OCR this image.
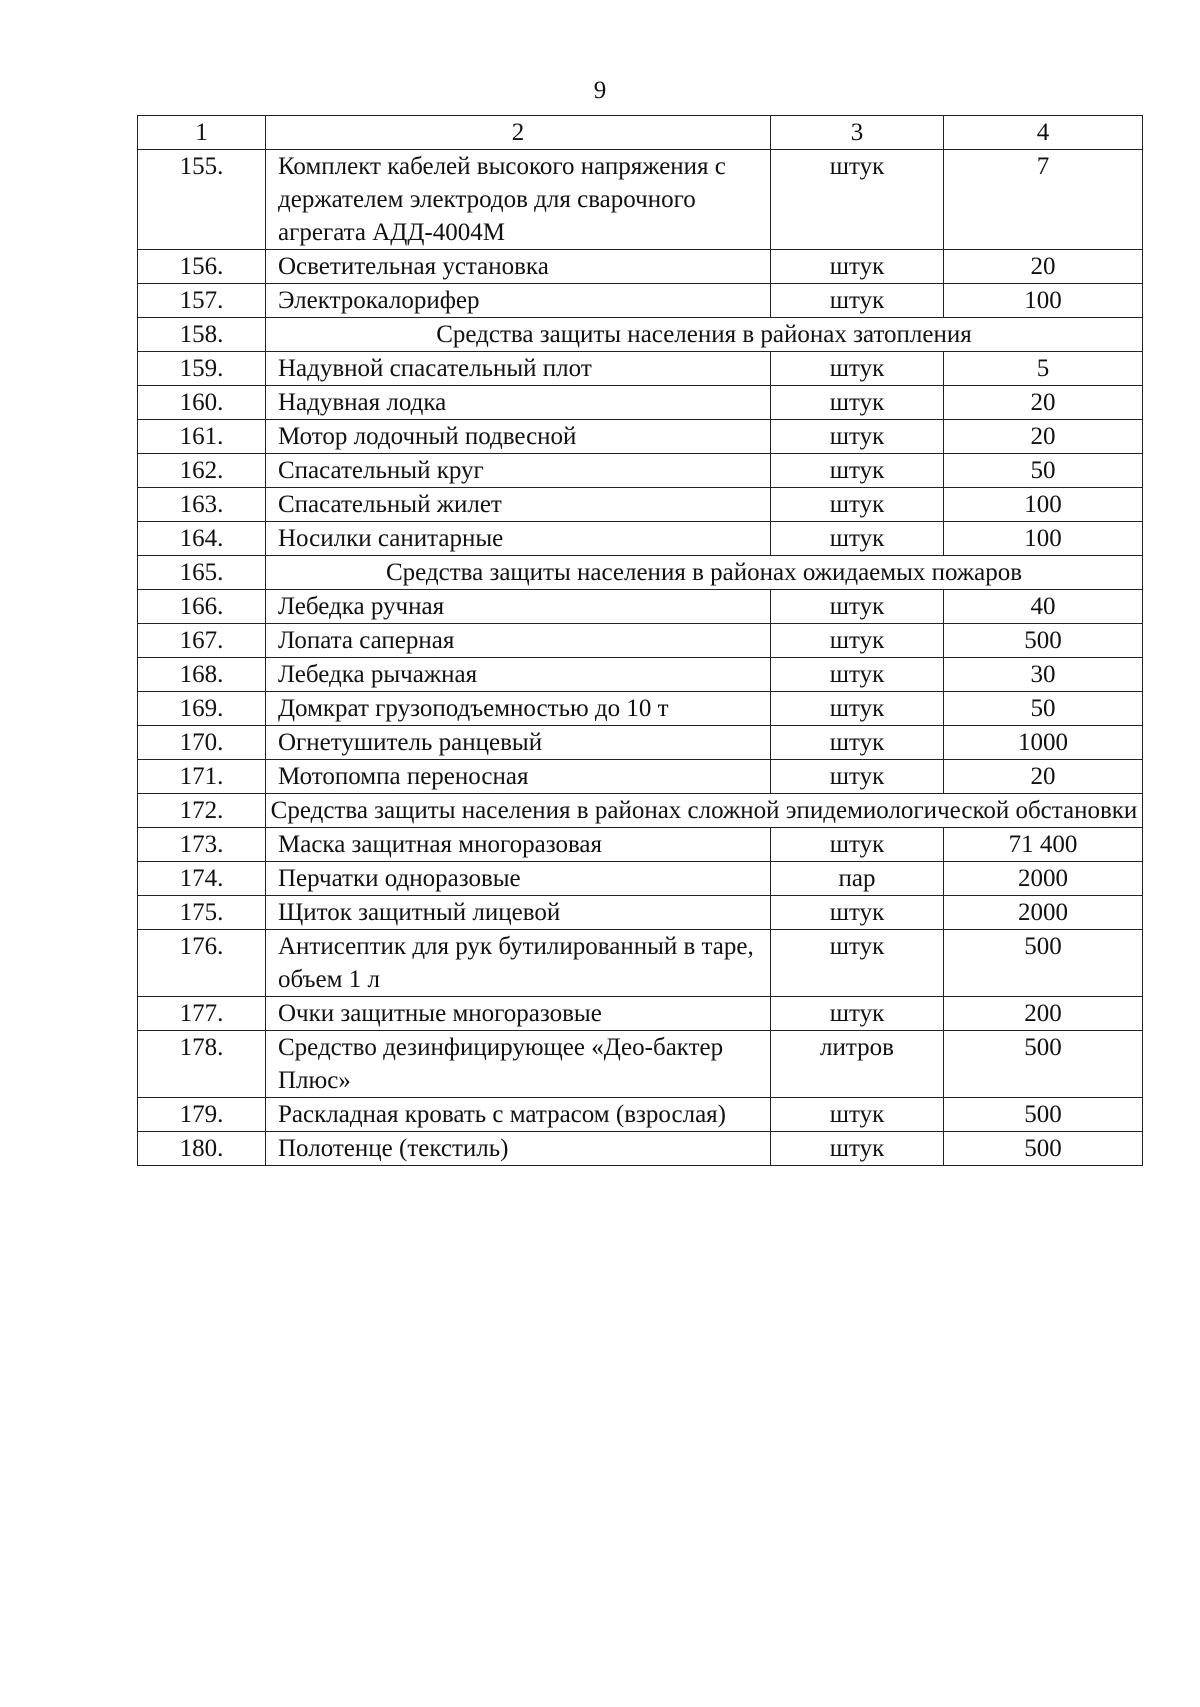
9
1	2	3	4
155.	Комплект кабелей высокого напряжения с держателем электродов для сварочного агрегата АДД-4004М	штук	7
156.	Осветительная установка	штук	20
157.	Электрокалорифер	штук	100
158.	Средства защиты населения в районах затопления		
159.	Надувной спасательный плот	штук	5
160.	Надувная лодка	штук	20
161.	Мотор лодочный подвесной	штук	20
162.	Спасательный круг	штук	50
163.	Спасательный жилет	штук	100
164.	Носилки санитарные	штук	100
165.	Средства защиты населения в районах ожидаемых пожаров		
166.	Лебедка ручная	штук	40
167.	Лопата саперная	штук	500
168.	Лебедка рычажная	штук	30
169.	Домкрат грузоподъемностью до 10 т	штук	50
170.	Огнетушитель ранцевый	штук	1000
171.	Мотопомпа переносная	штук	20
172.	Средства защиты населения в районах сложной эпидемиологической обстановки		
173.	Маска защитная многоразовая	штук	71 400
174.	Перчатки одноразовые	пар	2000
175.	Щиток защитный лицевой	штук	2000
176.	Антисептик для рук бутилированный в таре, объем 1 л	штук	500
177.	Очки защитные многоразовые	штук	200
178.	Средство дезинфицирующее «Део-бактер Плюс»	литров	500
179.	Раскладная кровать с матрасом (взрослая)	штук	500
180.	Полотенце (текстиль)	штук	500
